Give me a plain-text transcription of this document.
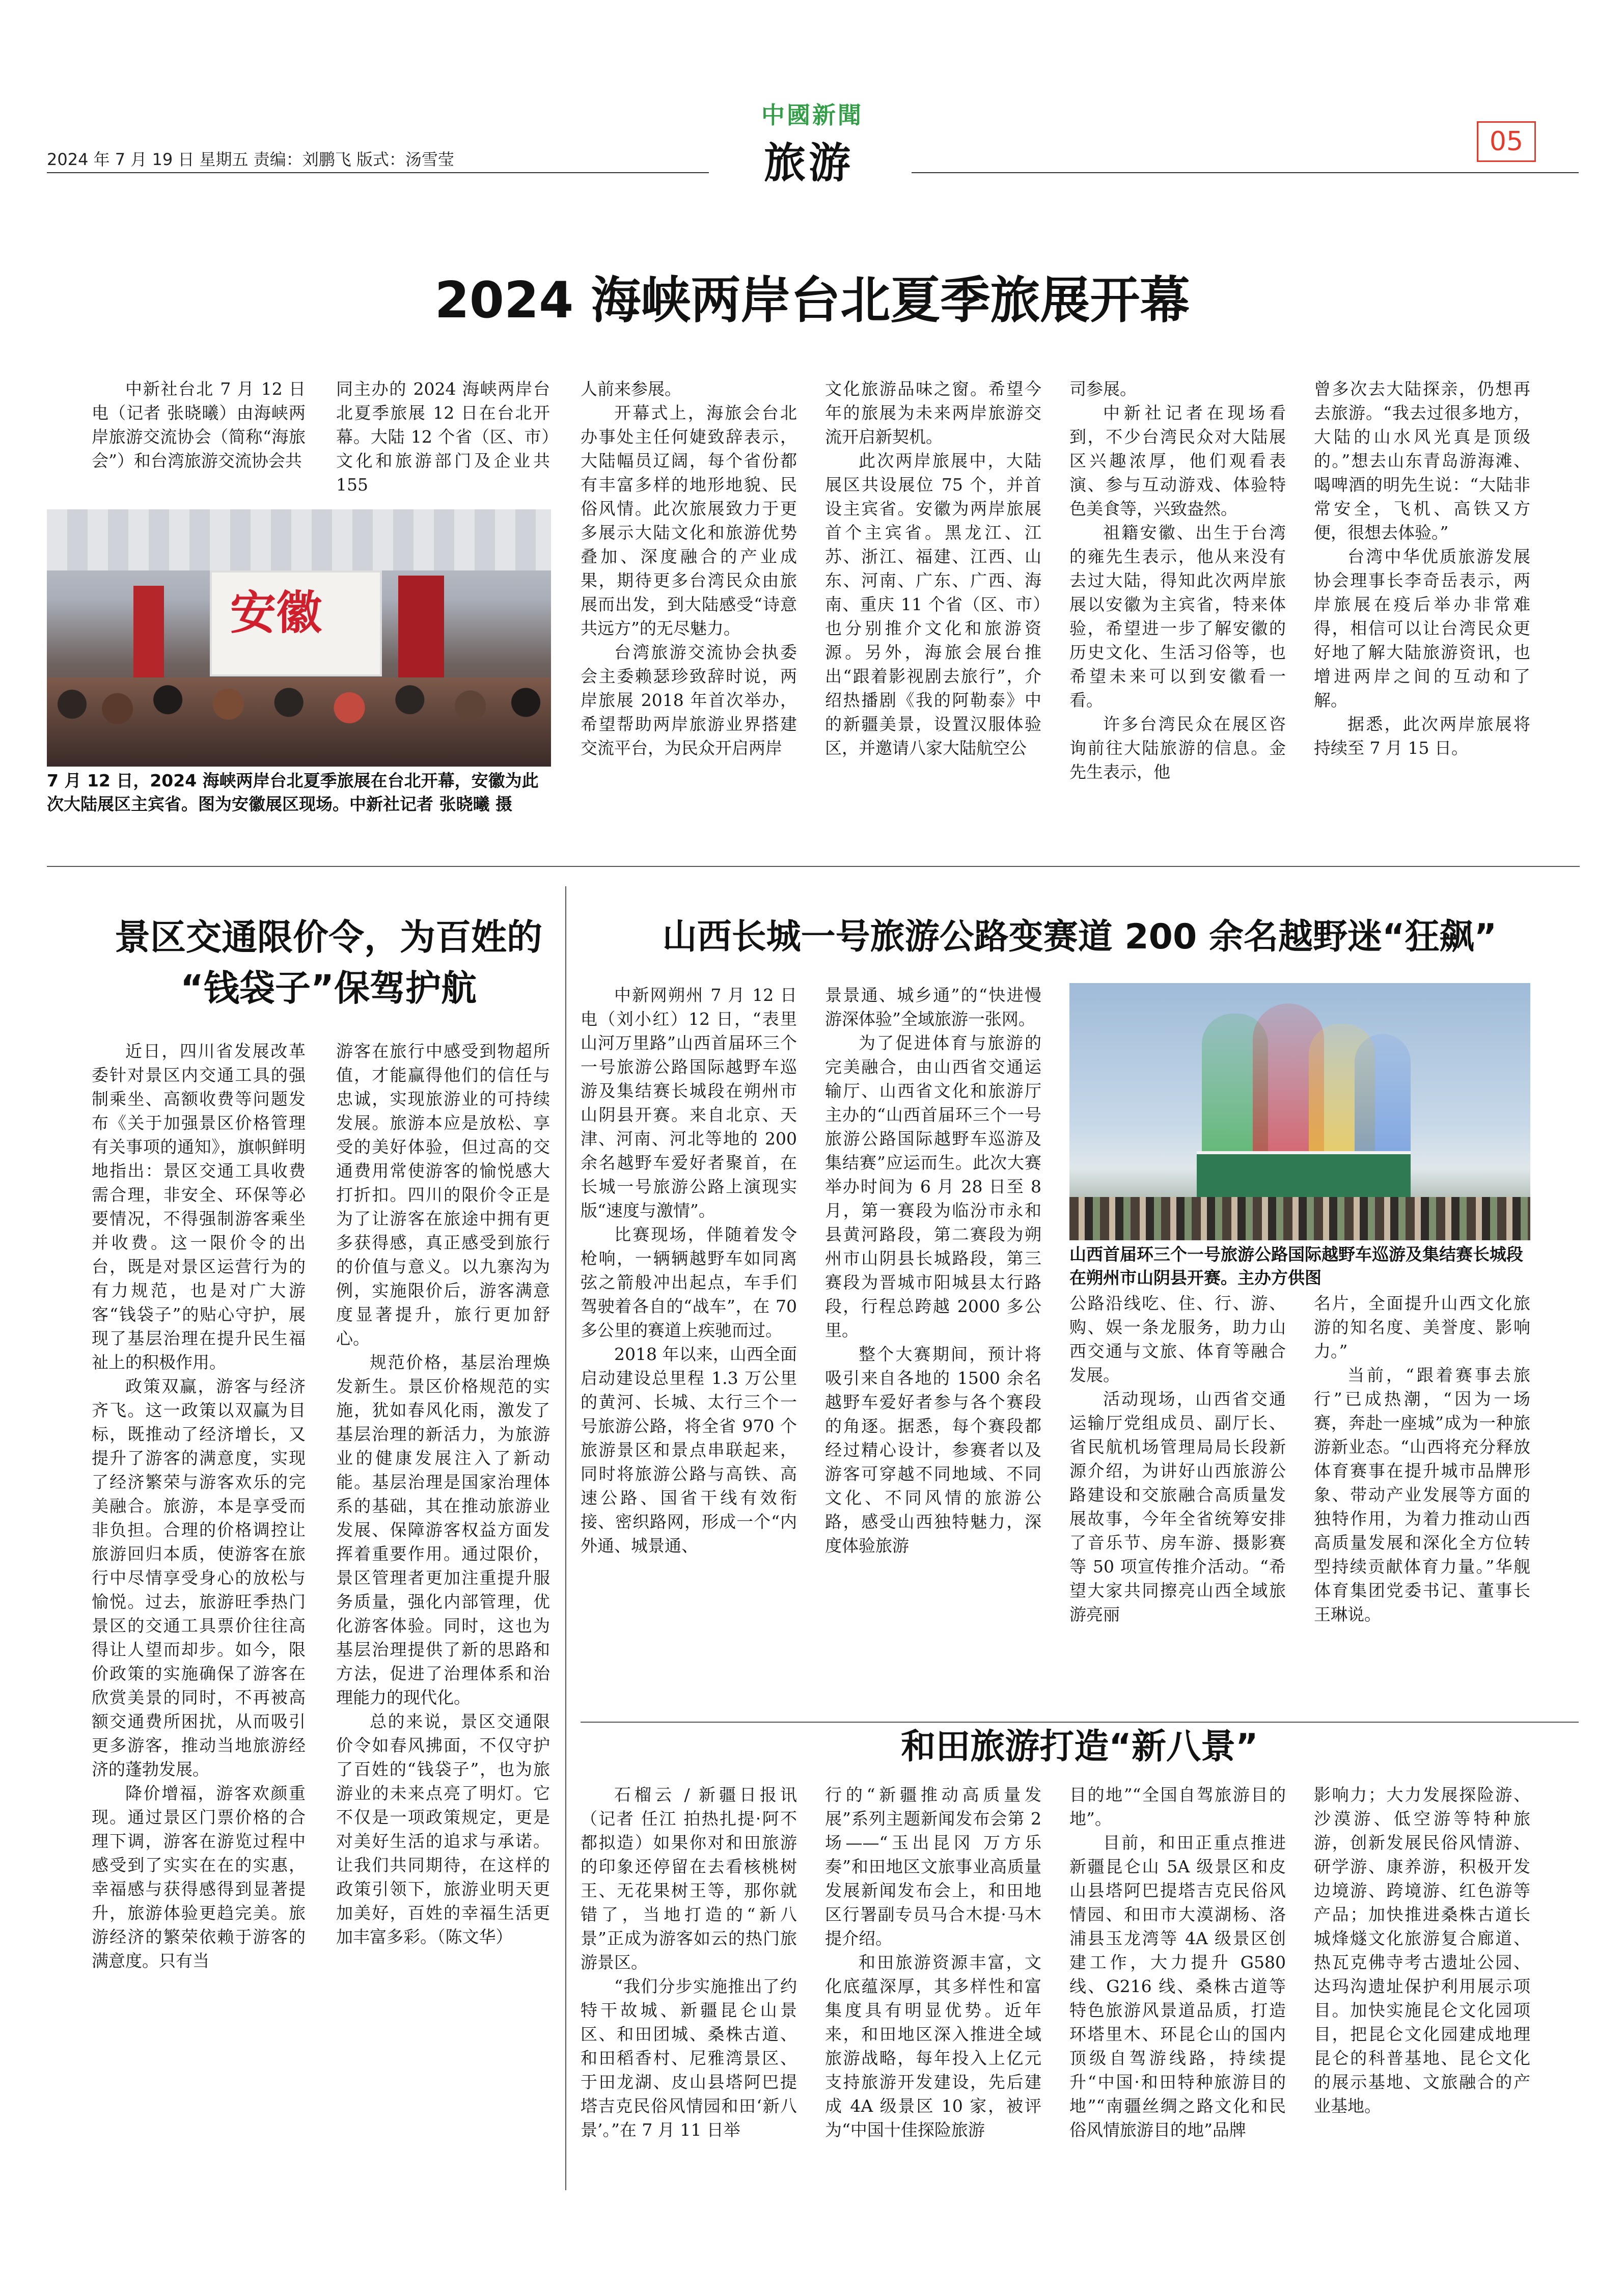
中國新聞
旅游
2024 年 7 月 19 日 星期五 责编：刘鹏飞 版式：汤雪莹
05
2024 海峡两岸台北夏季旅展开幕
安徽
7 月 12 日，2024 海峡两岸台北夏季旅展在台北开幕，安徽为此次大陆展区主宾省。图为安徽展区现场。中新社记者 张晓曦 摄

中新社台北 7 月 12 日电（记者 张晓曦）由海峡两岸旅游交流协会（简称“海旅会”）和台湾旅游交流协会共

同主办的 2024 海峡两岸台北夏季旅展 12 日在台北开幕。大陆 12 个省（区、市）文化和旅游部门及企业共 155

人前来参展。

开幕式上，海旅会台北办事处主任何婕致辞表示，大陆幅员辽阔，每个省份都有丰富多样的地形地貌、民俗风情。此次旅展致力于更多展示大陆文化和旅游优势叠加、深度融合的产业成果，期待更多台湾民众由旅展而出发，到大陆感受“诗意共远方”的无尽魅力。

台湾旅游交流协会执委会主委赖瑟珍致辞时说，两岸旅展 2018 年首次举办，希望帮助两岸旅游业界搭建交流平台，为民众开启两岸

文化旅游品味之窗。希望今年的旅展为未来两岸旅游交流开启新契机。

此次两岸旅展中，大陆展区共设展位 75 个，并首设主宾省。安徽为两岸旅展首个主宾省。黑龙江、江苏、浙江、福建、江西、山东、河南、广东、广西、海南、重庆 11 个省（区、市）也分别推介文化和旅游资源。另外，海旅会展台推出“跟着影视剧去旅行”，介绍热播剧《我的阿勒泰》中的新疆美景，设置汉服体验区，并邀请八家大陆航空公

司参展。

中新社记者在现场看到，不少台湾民众对大陆展区兴趣浓厚，他们观看表演、参与互动游戏、体验特色美食等，兴致盎然。

祖籍安徽、出生于台湾的雍先生表示，他从来没有去过大陆，得知此次两岸旅展以安徽为主宾省，特来体验，希望进一步了解安徽的历史文化、生活习俗等，也希望未来可以到安徽看一看。

许多台湾民众在展区咨询前往大陆旅游的信息。金先生表示，他

曾多次去大陆探亲，仍想再去旅游。“我去过很多地方，大陆的山水风光真是顶级的。”想去山东青岛游海滩、喝啤酒的明先生说：“大陆非常安全，飞机、高铁又方便，很想去体验。”

台湾中华优质旅游发展协会理事长李奇岳表示，两岸旅展在疫后举办非常难得，相信可以让台湾民众更好地了解大陆旅游资讯，也增进两岸之间的互动和了解。

据悉，此次两岸旅展将持续至 7 月 15 日。

景区交通限价令，为百姓的
“钱袋子”保驾护航

近日，四川省发展改革委针对景区内交通工具的强制乘坐、高额收费等问题发布《关于加强景区价格管理有关事项的通知》，旗帜鲜明地指出：景区交通工具收费需合理，非安全、环保等必要情况，不得强制游客乘坐并收费。这一限价令的出台，既是对景区运营行为的有力规范，也是对广大游客“钱袋子”的贴心守护，展现了基层治理在提升民生福祉上的积极作用。

政策双赢，游客与经济齐飞。这一政策以双赢为目标，既推动了经济增长，又提升了游客的满意度，实现了经济繁荣与游客欢乐的完美融合。旅游，本是享受而非负担。合理的价格调控让旅游回归本质，使游客在旅行中尽情享受身心的放松与愉悦。过去，旅游旺季热门景区的交通工具票价往往高得让人望而却步。如今，限价政策的实施确保了游客在欣赏美景的同时，不再被高额交通费所困扰，从而吸引更多游客，推动当地旅游经济的蓬勃发展。

降价增福，游客欢颜重现。通过景区门票价格的合理下调，游客在游览过程中感受到了实实在在的实惠，幸福感与获得感得到显著提升，旅游体验更趋完美。旅游经济的繁荣依赖于游客的满意度。只有当

游客在旅行中感受到物超所值，才能赢得他们的信任与忠诚，实现旅游业的可持续发展。旅游本应是放松、享受的美好体验，但过高的交通费用常使游客的愉悦感大打折扣。四川的限价令正是为了让游客在旅途中拥有更多获得感，真正感受到旅行的价值与意义。以九寨沟为例，实施限价后，游客满意度显著提升，旅行更加舒心。

规范价格，基层治理焕发新生。景区价格规范的实施，犹如春风化雨，激发了基层治理的新活力，为旅游业的健康发展注入了新动能。基层治理是国家治理体系的基础，其在推动旅游业发展、保障游客权益方面发挥着重要作用。通过限价，景区管理者更加注重提升服务质量，强化内部管理，优化游客体验。同时，这也为基层治理提供了新的思路和方法，促进了治理体系和治理能力的现代化。

总的来说，景区交通限价令如春风拂面，不仅守护了百姓的“钱袋子”，也为旅游业的未来点亮了明灯。它不仅是一项政策规定，更是对美好生活的追求与承诺。让我们共同期待，在这样的政策引领下，旅游业明天更加美好，百姓的幸福生活更加丰富多彩。（陈文华）

山西长城一号旅游公路变赛道 200 余名越野迷“狂飙”
山西首届环三个一号旅游公路国际越野车巡游及集结赛长城段在朔州市山阴县开赛。主办方供图

中新网朔州 7 月 12 日电（刘小红）12 日，“表里山河万里路”山西首届环三个一号旅游公路国际越野车巡游及集结赛长城段在朔州市山阴县开赛。来自北京、天津、河南、河北等地的 200 余名越野车爱好者聚首，在长城一号旅游公路上演现实版“速度与激情”。

比赛现场，伴随着发令枪响，一辆辆越野车如同离弦之箭般冲出起点，车手们驾驶着各自的“战车”，在 70 多公里的赛道上疾驰而过。

2018 年以来，山西全面启动建设总里程 1.3 万公里的黄河、长城、太行三个一号旅游公路，将全省 970 个旅游景区和景点串联起来，同时将旅游公路与高铁、高速公路、国省干线有效衔接、密织路网，形成一个“内外通、城景通、

景景通、城乡通”的“快进慢游深体验”全域旅游一张网。

为了促进体育与旅游的完美融合，由山西省交通运输厅、山西省文化和旅游厅主办的“山西首届环三个一号旅游公路国际越野车巡游及集结赛”应运而生。此次大赛举办时间为 6 月 28 日至 8 月，第一赛段为临汾市永和县黄河路段，第二赛段为朔州市山阴县长城路段，第三赛段为晋城市阳城县太行路段，行程总跨越 2000 多公里。

整个大赛期间，预计将吸引来自各地的 1500 余名越野车爱好者参与各个赛段的角逐。据悉，每个赛段都经过精心设计，参赛者以及游客可穿越不同地域、不同文化、不同风情的旅游公路，感受山西独特魅力，深度体验旅游

公路沿线吃、住、行、游、购、娱一条龙服务，助力山西交通与文旅、体育等融合发展。

活动现场，山西省交通运输厅党组成员、副厅长、省民航机场管理局局长段新源介绍，为讲好山西旅游公路建设和交旅融合高质量发展故事，今年全省统筹安排了音乐节、房车游、摄影赛等 50 项宣传推介活动。“希望大家共同擦亮山西全域旅游亮丽

名片，全面提升山西文化旅游的知名度、美誉度、影响力。”

当前，“跟着赛事去旅行”已成热潮，“因为一场赛，奔赴一座城”成为一种旅游新业态。“山西将充分释放体育赛事在提升城市品牌形象、带动产业发展等方面的独特作用，为着力推动山西高质量发展和深化全方位转型持续贡献体育力量。”华舰体育集团党委书记、董事长王琳说。

和田旅游打造“新八景”

石榴云 / 新疆日报讯（记者 任江 拍热扎提·阿不都拟造）如果你对和田旅游的印象还停留在去看核桃树王、无花果树王等，那你就错了，当地打造的“新八景”正成为游客如云的热门旅游景区。

“我们分步实施推出了约特干故城、新疆昆仑山景区、和田团城、桑株古道、和田稻香村、尼雅湾景区、于田龙湖、皮山县塔阿巴提塔吉克民俗风情园和田‘新八景’。”在 7 月 11 日举

行的“新疆推动高质量发展”系列主题新闻发布会第 2 场——“玉出昆冈 万方乐奏”和田地区文旅事业高质量发展新闻发布会上，和田地区行署副专员马合木提·马木提介绍。

和田旅游资源丰富，文化底蕴深厚，其多样性和富集度具有明显优势。近年来，和田地区深入推进全域旅游战略，每年投入上亿元支持旅游开发建设，先后建成 4A 级景区 10 家，被评为“中国十佳探险旅游

目的地”“全国自驾旅游目的地”。

目前，和田正重点推进新疆昆仑山 5A 级景区和皮山县塔阿巴提塔吉克民俗风情园、和田市大漠湖杨、洛浦县玉龙湾等 4A 级景区创建工作，大力提升 G580 线、G216 线、桑株古道等特色旅游风景道品质，打造环塔里木、环昆仑山的国内顶级自驾游线路，持续提升“中国·和田特种旅游目的地”“南疆丝绸之路文化和民俗风情旅游目的地”品牌

影响力；大力发展探险游、沙漠游、低空游等特种旅游，创新发展民俗风情游、研学游、康养游，积极开发边境游、跨境游、红色游等产品；加快推进桑株古道长城烽燧文化旅游复合廊道、热瓦克佛寺考古遗址公园、达玛沟遗址保护利用展示项目。加快实施昆仑文化园项目，把昆仑文化园建成地理昆仑的科普基地、昆仑文化的展示基地、文旅融合的产业基地。
